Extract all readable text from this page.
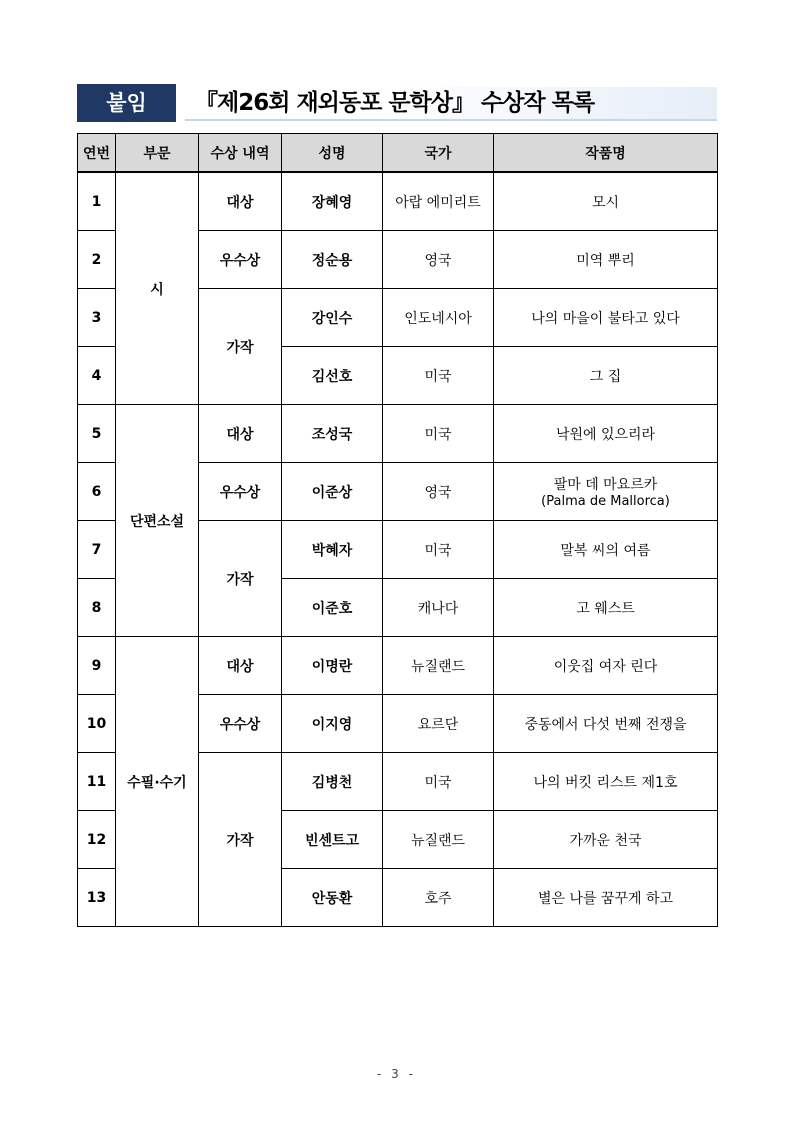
붙임	『제26회 재외동포 문학상』 수상작 목록
연번	부문	수상 내역	성명	국가	작품명
1	시	대상	장혜영	아랍 에미리트	모시
2		우수상	정순용	영국	미역 뿌리
3		가작	강인수	인도네시아	나의 마을이 불타고 있다
4			김선호	미국	그 집
5	단편소설	대상	조성국	미국	낙원에 있으리라
6		우수상	이준상	영국	팔마 데 마요르카
(Palma de Mallorca)

7		가작	박혜자	미국	말복 씨의 여름
8			이준호	캐나다	고 웨스트
9	수필·수기	대상	이명란	뉴질랜드	이웃집 여자 린다
10		우수상	이지영	요르단	중동에서 다섯 번째 전쟁을
11		가작	김병천	미국	나의 버킷 리스트 제1호
12			빈센트고	뉴질랜드	가까운 천국
13			안동환	호주	별은 나를 꿈꾸게 하고
- 3 -
